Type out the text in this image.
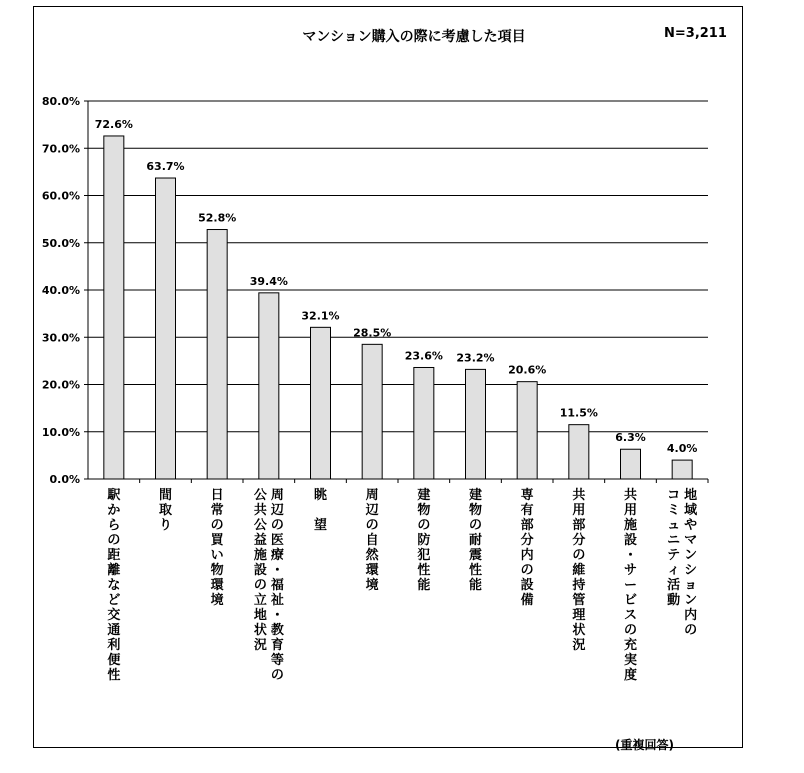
マンション購入の際に考慮した項目	N=3,211
0.0%
10.0%
20.0%
30.0%
40.0%
50.0%
60.0%
70.0%
80.0%
72.6%
駅からの距離など交通利便性
63.7%
間取り
52.8%
日常の買い物環境
39.4%
周辺の医療・福祉・教育等の
公共公益施設の立地状況
32.1%
眺　望
28.5%
周辺の自然環境
23.6%
建物の防犯性能
23.2%
建物の耐震性能
20.6%
専有部分内の設備
11.5%
共用部分の維持管理状況
6.3%
共用施設・サービスの充実度
4.0%
地域やマンション内の
コミュニティ活動
(重複回答)
